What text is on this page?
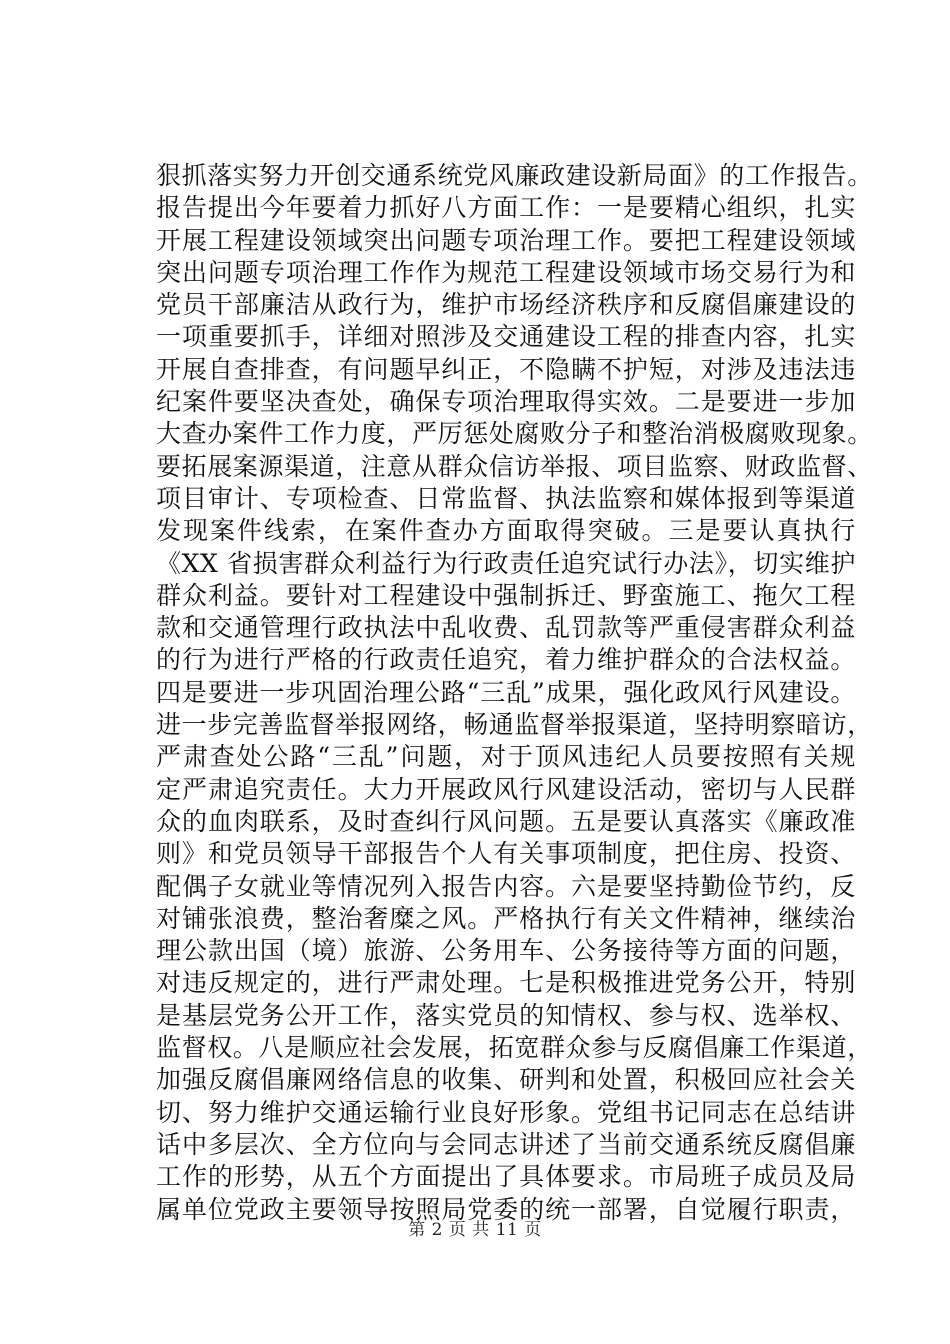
狠抓落实努力开创交通系统党风廉政建设新局面》的工作报告。
报告提出今年要着力抓好八方面工作：一是要精心组织，扎实
开展工程建设领域突出问题专项治理工作。要把工程建设领域
突出问题专项治理工作作为规范工程建设领域市场交易行为和
党员干部廉洁从政行为，维护市场经济秩序和反腐倡廉建设的
一项重要抓手，详细对照涉及交通建设工程的排查内容，扎实
开展自查排查，有问题早纠正，不隐瞒不护短，对涉及违法违
纪案件要坚决查处，确保专项治理取得实效。二是要进一步加
大查办案件工作力度，严厉惩处腐败分子和整治消极腐败现象。
要拓展案源渠道，注意从群众信访举报、项目监察、财政监督、
项目审计、专项检查、日常监督、执法监察和媒体报到等渠道
发现案件线索，在案件查办方面取得突破。三是要认真执行
《XX 省损害群众利益行为行政责任追究试行办法》，切实维护
群众利益。要针对工程建设中强制拆迁、野蛮施工、拖欠工程
款和交通管理行政执法中乱收费、乱罚款等严重侵害群众利益
的行为进行严格的行政责任追究，着力维护群众的合法权益。
四是要进一步巩固治理公路“三乱”成果，强化政风行风建设。
进一步完善监督举报网络，畅通监督举报渠道，坚持明察暗访，
严肃查处公路“三乱”问题，对于顶风违纪人员要按照有关规
定严肃追究责任。大力开展政风行风建设活动，密切与人民群
众的血肉联系，及时查纠行风问题。五是要认真落实《廉政准
则》和党员领导干部报告个人有关事项制度，把住房、投资、
配偶子女就业等情况列入报告内容。六是要坚持勤俭节约，反
对铺张浪费，整治奢糜之风。严格执行有关文件精神，继续治
理公款出国（境）旅游、公务用车、公务接待等方面的问题，
对违反规定的，进行严肃处理。七是积极推进党务公开，特别
是基层党务公开工作，落实党员的知情权、参与权、选举权、
监督权。八是顺应社会发展，拓宽群众参与反腐倡廉工作渠道，
加强反腐倡廉网络信息的收集、研判和处置，积极回应社会关
切、努力维护交通运输行业良好形象。党组书记同志在总结讲
话中多层次、全方位向与会同志讲述了当前交通系统反腐倡廉
工作的形势，从五个方面提出了具体要求。市局班子成员及局
属单位党政主要领导按照局党委的统一部署，自觉履行职责，
第 2 页 共 11 页
